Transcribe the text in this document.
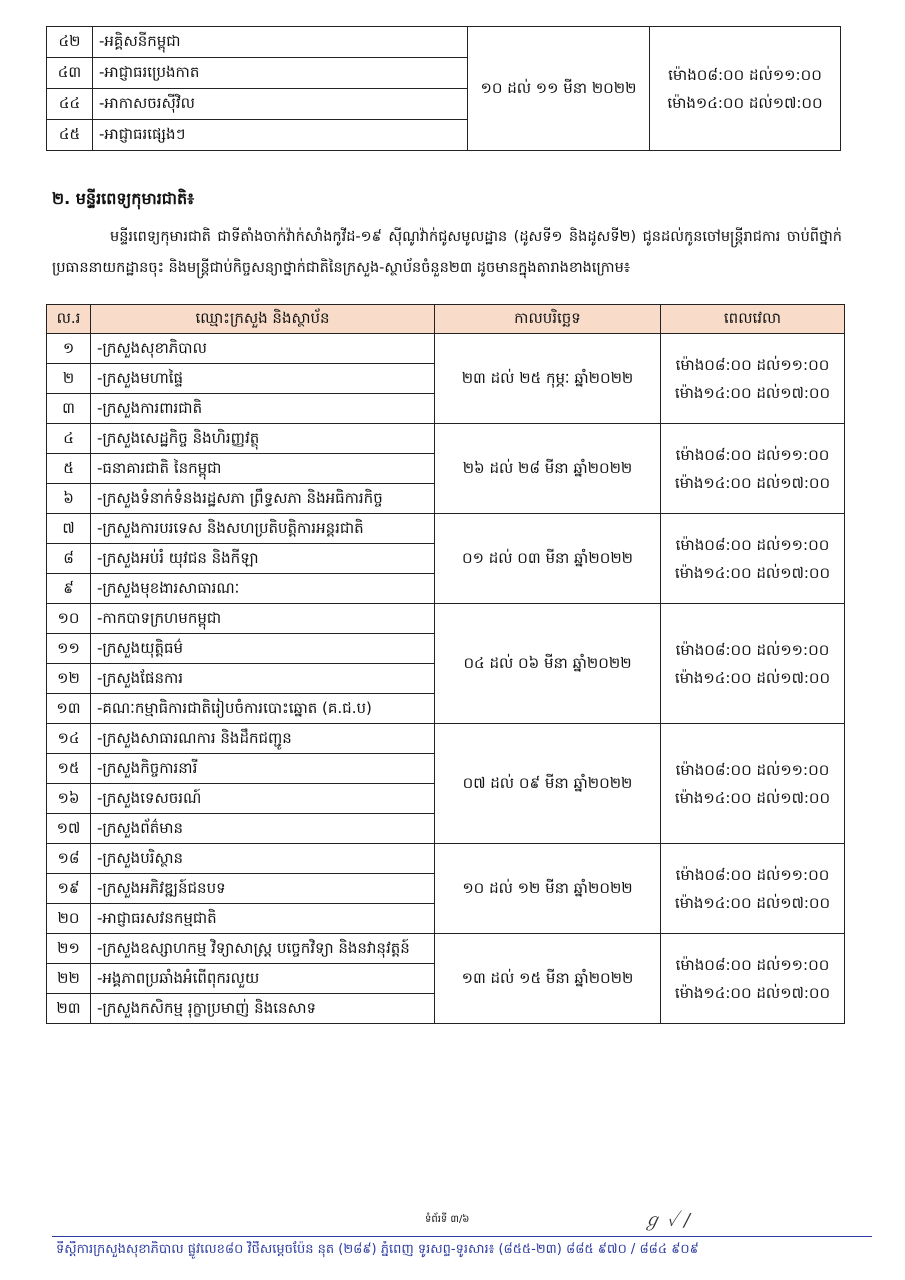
៤២	-អគ្គិសនីកម្ពុជា	១០ ដល់ ១១ មីនា ២០២២	ម៉ោង០៨:០០ ដល់១១:០០
ម៉ោង១៤:០០ ដល់១៧:០០

៤៣	-អាជ្ញាធរប្រេងកាត		
៤៤	-អាកាសចរស៊ីវិល		
៤៥	-អាជ្ញាធរផ្សេងៗ		
២. មន្ទីរពេទ្យកុមារជាតិ៖
មន្ទីរពេទ្យកុមារជាតិ ជាទីតាំងចាក់វ៉ាក់សាំងកូវីដ-១៩ ស៊ីណូវ៉ាក់ជូសមូលដ្ឋាន (ដូសទី១ និងដូសទី២) ជូនដល់កូនចៅមន្ត្រីរាជការ ចាប់ពីថ្នាក់ប្រធាននាយកដ្ឋានចុះ និងមន្ត្រីជាប់កិច្ចសន្យាថ្នាក់ជាតិនៃក្រសួង-ស្ថាប័នចំនួន២៣ ដូចមានក្នុងតារាងខាងក្រោម៖
ល.រ	ឈ្មោះក្រសួង និងស្ថាប័ន	កាលបរិច្ឆេទ	ពេលវេលា
១	-ក្រសួងសុខាភិបាល	២៣ ដល់ ២៥ កុម្ភៈ ឆ្នាំ២០២២	ម៉ោង០៨:០០ ដល់១១:០០
ម៉ោង១៤:០០ ដល់១៧:០០

២	-ក្រសួងមហាផ្ទៃ		
៣	-ក្រសួងការពារជាតិ		
៤	-ក្រសួងសេដ្ឋកិច្ច និងហិរញ្ញវត្ថុ	២៦ ដល់ ២៨ មីនា ឆ្នាំ២០២២	ម៉ោង០៨:០០ ដល់១១:០០
ម៉ោង១៤:០០ ដល់១៧:០០

៥	-ធនាគារជាតិ នៃកម្ពុជា		
៦	-ក្រសួងទំនាក់ទំនងរដ្ឋសភា ព្រឹទ្ធសភា និងអធិការកិច្ច		
៧	-ក្រសួងការបរទេស និងសហប្រតិបត្តិការអន្តរជាតិ	០១ ដល់ ០៣ មីនា ឆ្នាំ២០២២	ម៉ោង០៨:០០ ដល់១១:០០
ម៉ោង១៤:០០ ដល់១៧:០០

៨	-ក្រសួងអប់រំ យុវជន និងកីឡា		
៩	-ក្រសួងមុខងារសាធារណៈ		
១០	-កាកបាទក្រហមកម្ពុជា	០៤ ដល់ ០៦ មីនា ឆ្នាំ២០២២	ម៉ោង០៨:០០ ដល់១១:០០
ម៉ោង១៤:០០ ដល់១៧:០០

១១	-ក្រសួងយុត្តិធម៌		
១២	-ក្រសួងផែនការ		
១៣	-គណៈកម្មាធិការជាតិរៀបចំការបោះឆ្នោត (គ.ជ.ប)		
១៤	-ក្រសួងសាធារណការ និងដឹកជញ្ជូន	០៧ ដល់ ០៩ មីនា ឆ្នាំ២០២២	ម៉ោង០៨:០០ ដល់១១:០០
ម៉ោង១៤:០០ ដល់១៧:០០

១៥	-ក្រសួងកិច្ចការនារី		
១៦	-ក្រសួងទេសចរណ៍		
១៧	-ក្រសួងព័ត៌មាន		
១៨	-ក្រសួងបរិស្ថាន	១០ ដល់ ១២ មីនា ឆ្នាំ២០២២	ម៉ោង០៨:០០ ដល់១១:០០
ម៉ោង១៤:០០ ដល់១៧:០០

១៩	-ក្រសួងអភិវឌ្ឍន៍ជនបទ		
២០	-អាជ្ញាធរសវនកម្មជាតិ		
២១	-ក្រសួងឧស្សាហកម្ម វិទ្យាសាស្ត្រ បច្ចេកវិទ្យា និងនវានុវត្តន៍	១៣ ដល់ ១៥ មីនា ឆ្នាំ២០២២	ម៉ោង០៨:០០ ដល់១១:០០
ម៉ោង១៤:០០ ដល់១៧:០០

២២	-អង្គភាពប្រឆាំងអំពើពុករលួយ		
២៣	-ក្រសួងកសិកម្ម រុក្ខាប្រមាញ់ និងនេសាទ		
ទំព័រទី ៣/៦	ℊ ✓ /
ទីស្តីការក្រសួងសុខាភិបាល ផ្លូវលេខ៨០ វិថីសម្តេចប៉ែន នុត (២៨៩) ភ្នំពេញ ទូរសព្ទ-ទូរសារ៖ (៨៥៥-២៣) ៨៨៥ ៩៧០ / ៨៨៤ ៩០៩
